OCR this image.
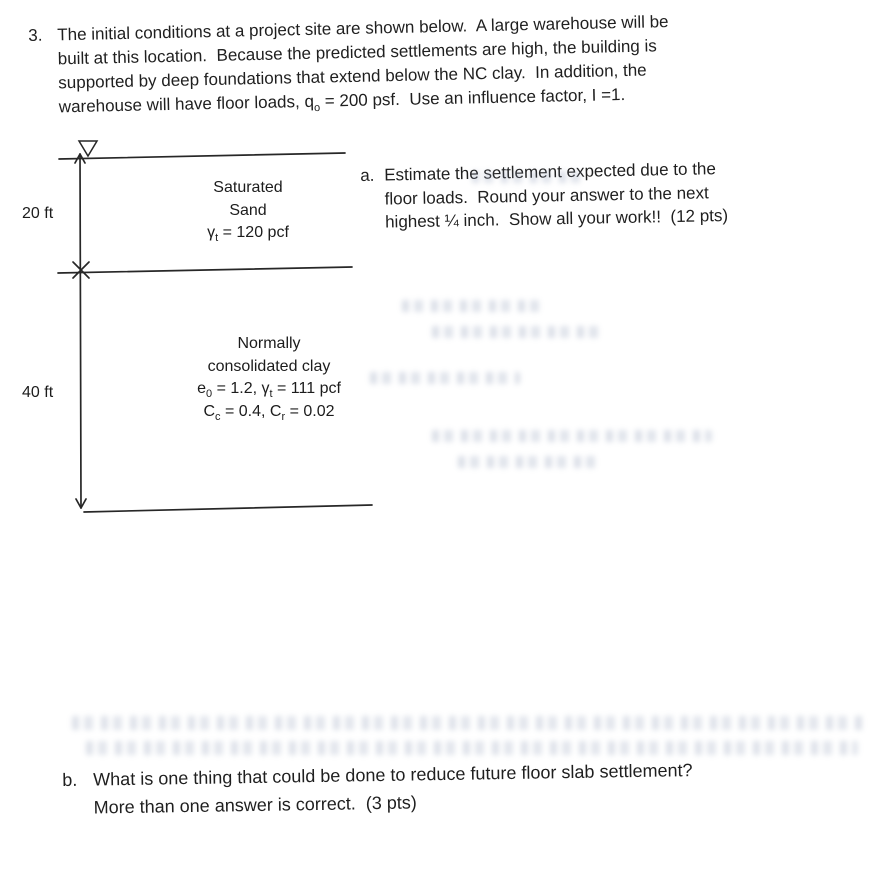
3. The initial conditions at a project site are shown below.  A large warehouse will be
built at this location.  Because the predicted settlements are high, the building is
supported by deep foundations that extend below the NC clay.  In addition, the
warehouse will have floor loads, $q_o = 200$ psf.  Use an influence factor, I =1.
20 ft
Saturated
Sand
$\gamma_t = 120$ pcf
40 ft
Normally
consolidated clay
$e_0 = 1.2$, $\gamma_t = 111$ pcf
$C_c = 0.4$, $C_r = 0.02$
a. Estimate the settlement expected due to the
floor loads.  Round your answer to the next
highest ¼ inch.  Show all your work!!  (12 pts)
b. What is one thing that could be done to reduce future floor slab settlement?
More than one answer is correct.  (3 pts)
